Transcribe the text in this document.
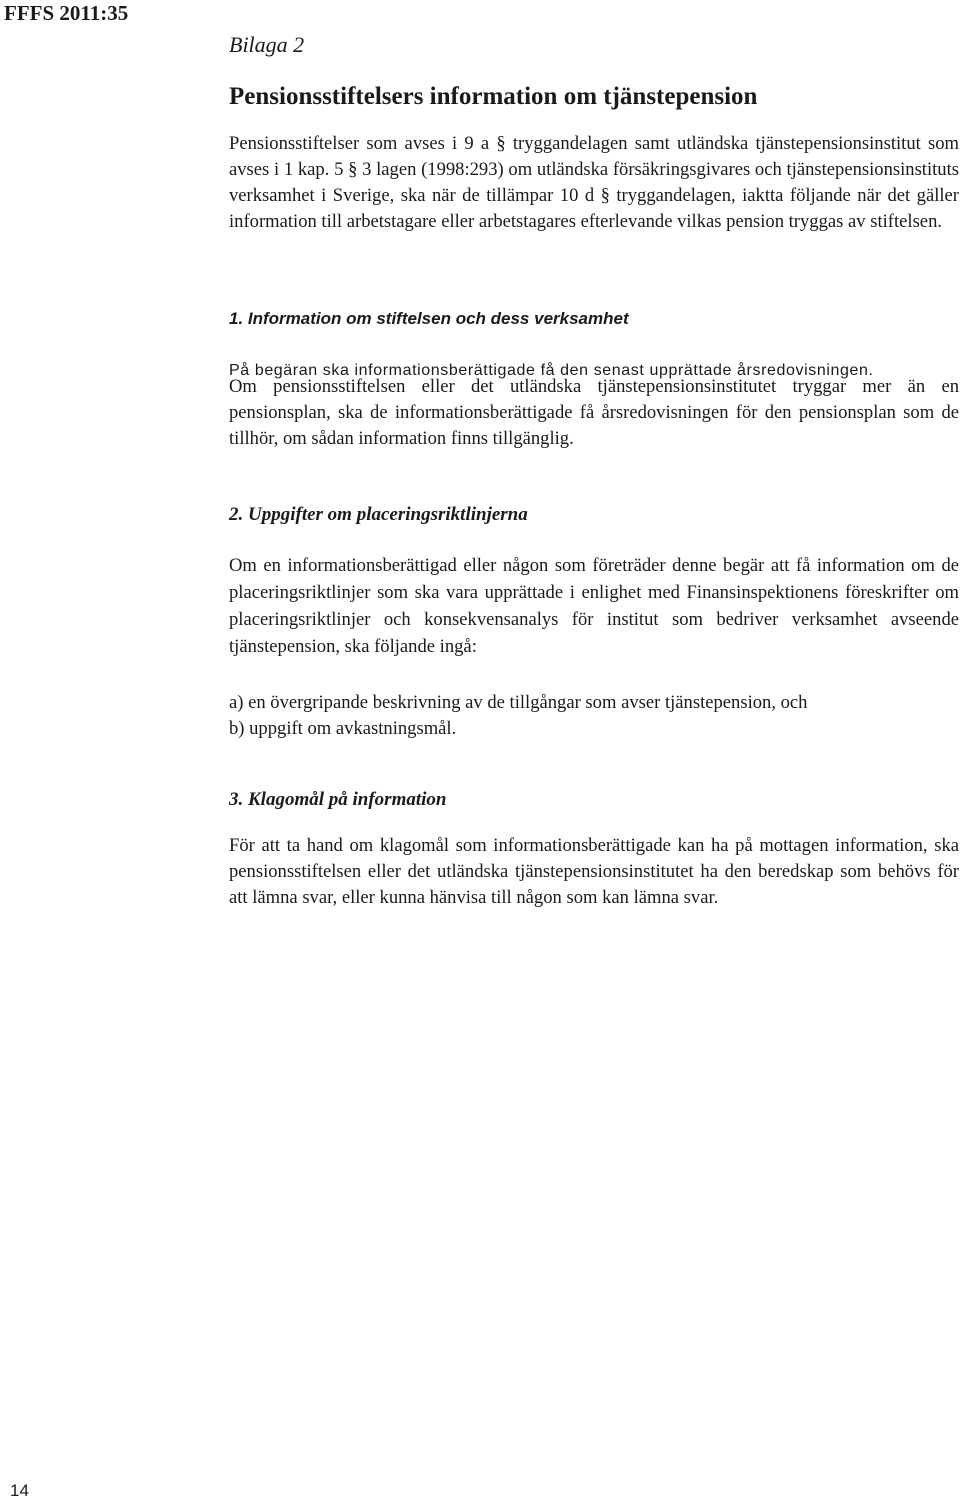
FFFS 2011:35
Bilaga 2
Pensionsstiftelsers information om tjänstepension

Pensionsstiftelser som avses i 9 a § tryggandelagen samt utländska tjänstepensionsinstitut som avses i 1 kap. 5 § 3 lagen (1998:293) om utländska försäkringsgivares och tjänstepensionsinstituts verksamhet i Sverige, ska när de tillämpar 10 d § tryggandelagen, iaktta följande när det gäller information till arbetstagare eller arbetstagares efterlevande vilkas pension tryggas av stiftelsen.

1. Information om stiftelsen och dess verksamhet
På begäran ska informationsberättigade få den senast upprättade årsredovisningen.

Om pensionsstiftelsen eller det utländska tjänstepensionsinstitutet tryggar mer än en pensionsplan, ska de informationsberättigade få årsredovisningen för den pensionsplan som de tillhör, om sådan information finns tillgänglig.

2. Uppgifter om placeringsriktlinjerna

Om en informationsberättigad eller någon som företräder denne begär att få information om de placeringsriktlinjer som ska vara upprättade i enlighet med Finansinspektionens föreskrifter om placeringsriktlinjer och konsekvensanalys för institut som bedriver verksamhet avseende tjänstepension, ska följande ingå:

a) en övergripande beskrivning av de tillgångar som avser tjänstepension, och
b) uppgift om avkastningsmål.
3. Klagomål på information

För att ta hand om klagomål som informationsberättigade kan ha på mottagen information, ska pensionsstiftelsen eller det utländska tjänstepensionsinstitutet ha den beredskap som behövs för att lämna svar, eller kunna hänvisa till någon som kan lämna svar.

14
